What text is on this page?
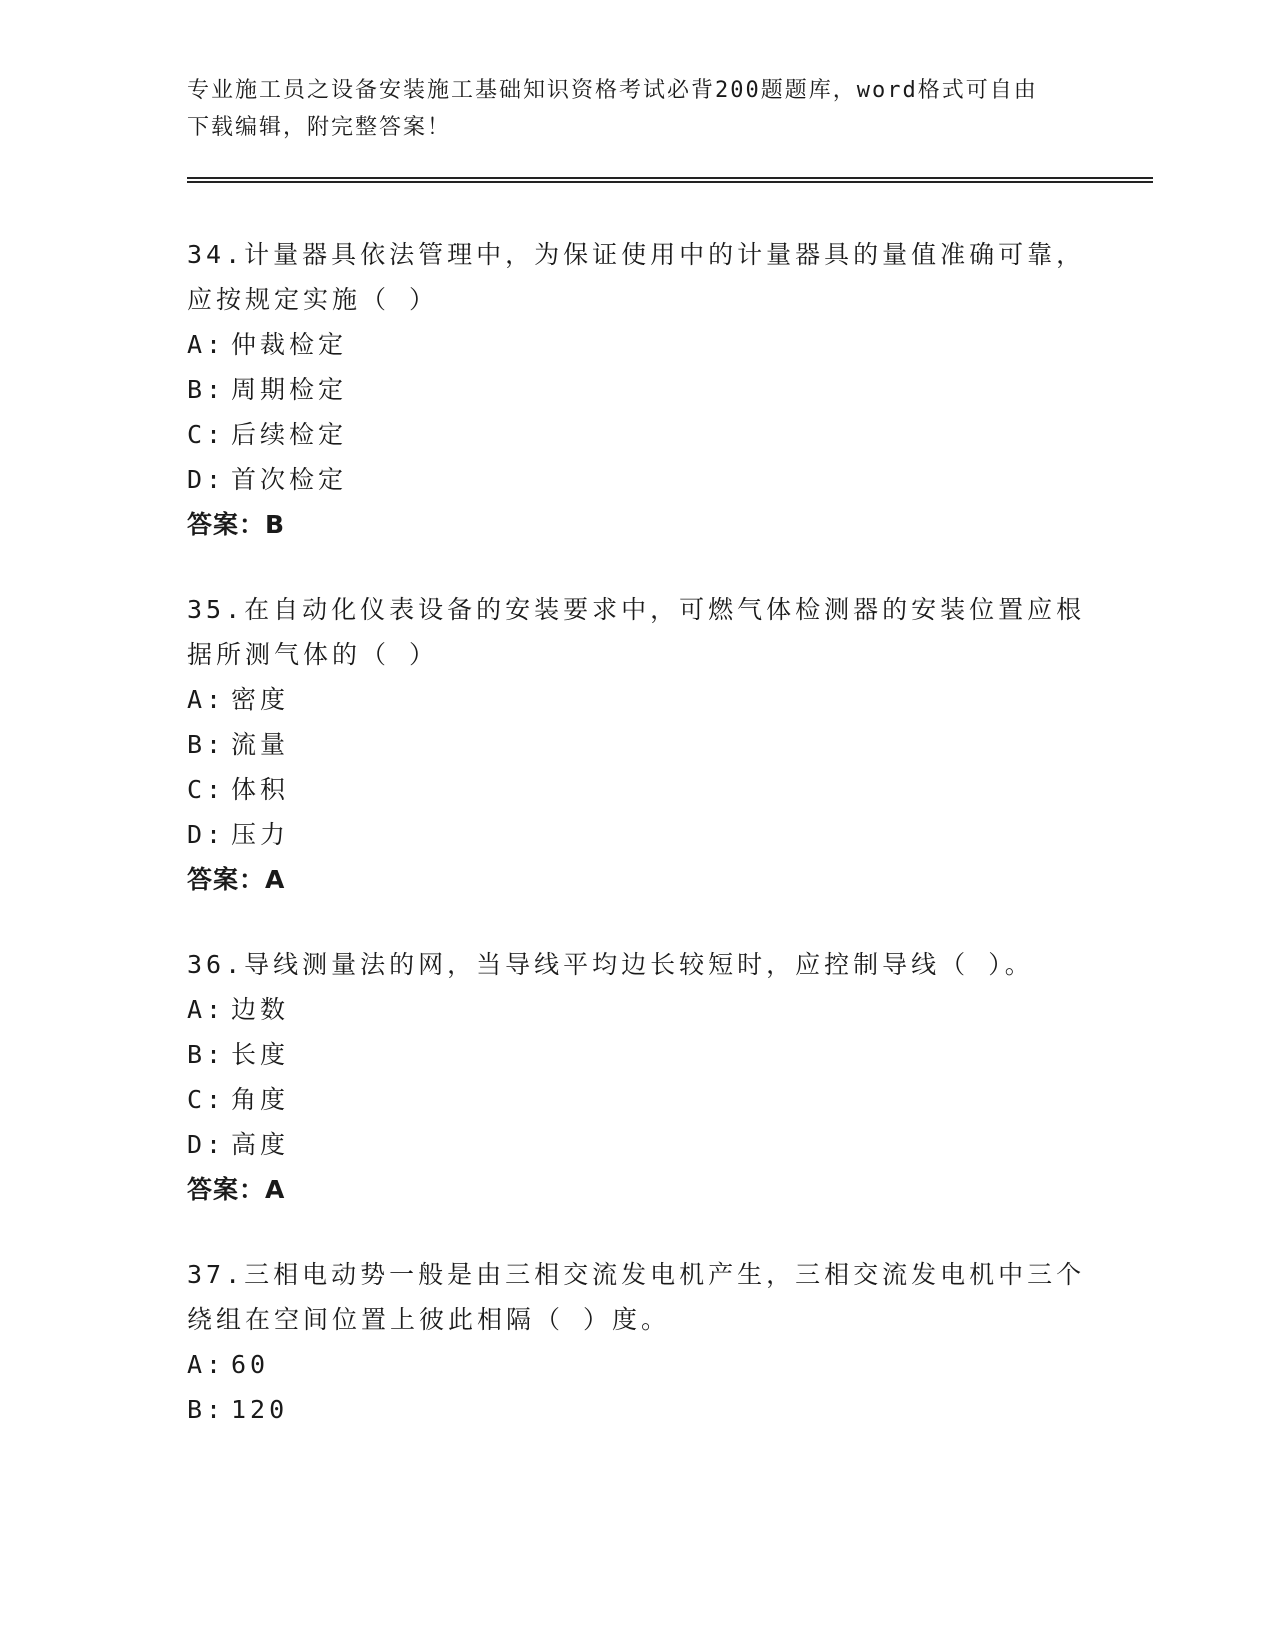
专业施工员之设备安装施工基础知识资格考试必背200题题库，word格式可自由
下载编辑，附完整答案！
34.计量器具依法管理中，为保证使用中的计量器具的量值准确可靠，
应按规定实施（ ）
A: 仲裁检定
B: 周期检定
C: 后续检定
D: 首次检定
答案：B
35.在自动化仪表设备的安装要求中，可燃气体检测器的安装位置应根
据所测气体的（ ）
A: 密度
B: 流量
C: 体积
D: 压力
答案：A
36.导线测量法的网，当导线平均边长较短时，应控制导线（ ）。
A: 边数
B: 长度
C: 角度
D: 高度
答案：A
37.三相电动势一般是由三相交流发电机产生，三相交流发电机中三个
绕组在空间位置上彼此相隔（ ）度。
A: 60
B: 120
